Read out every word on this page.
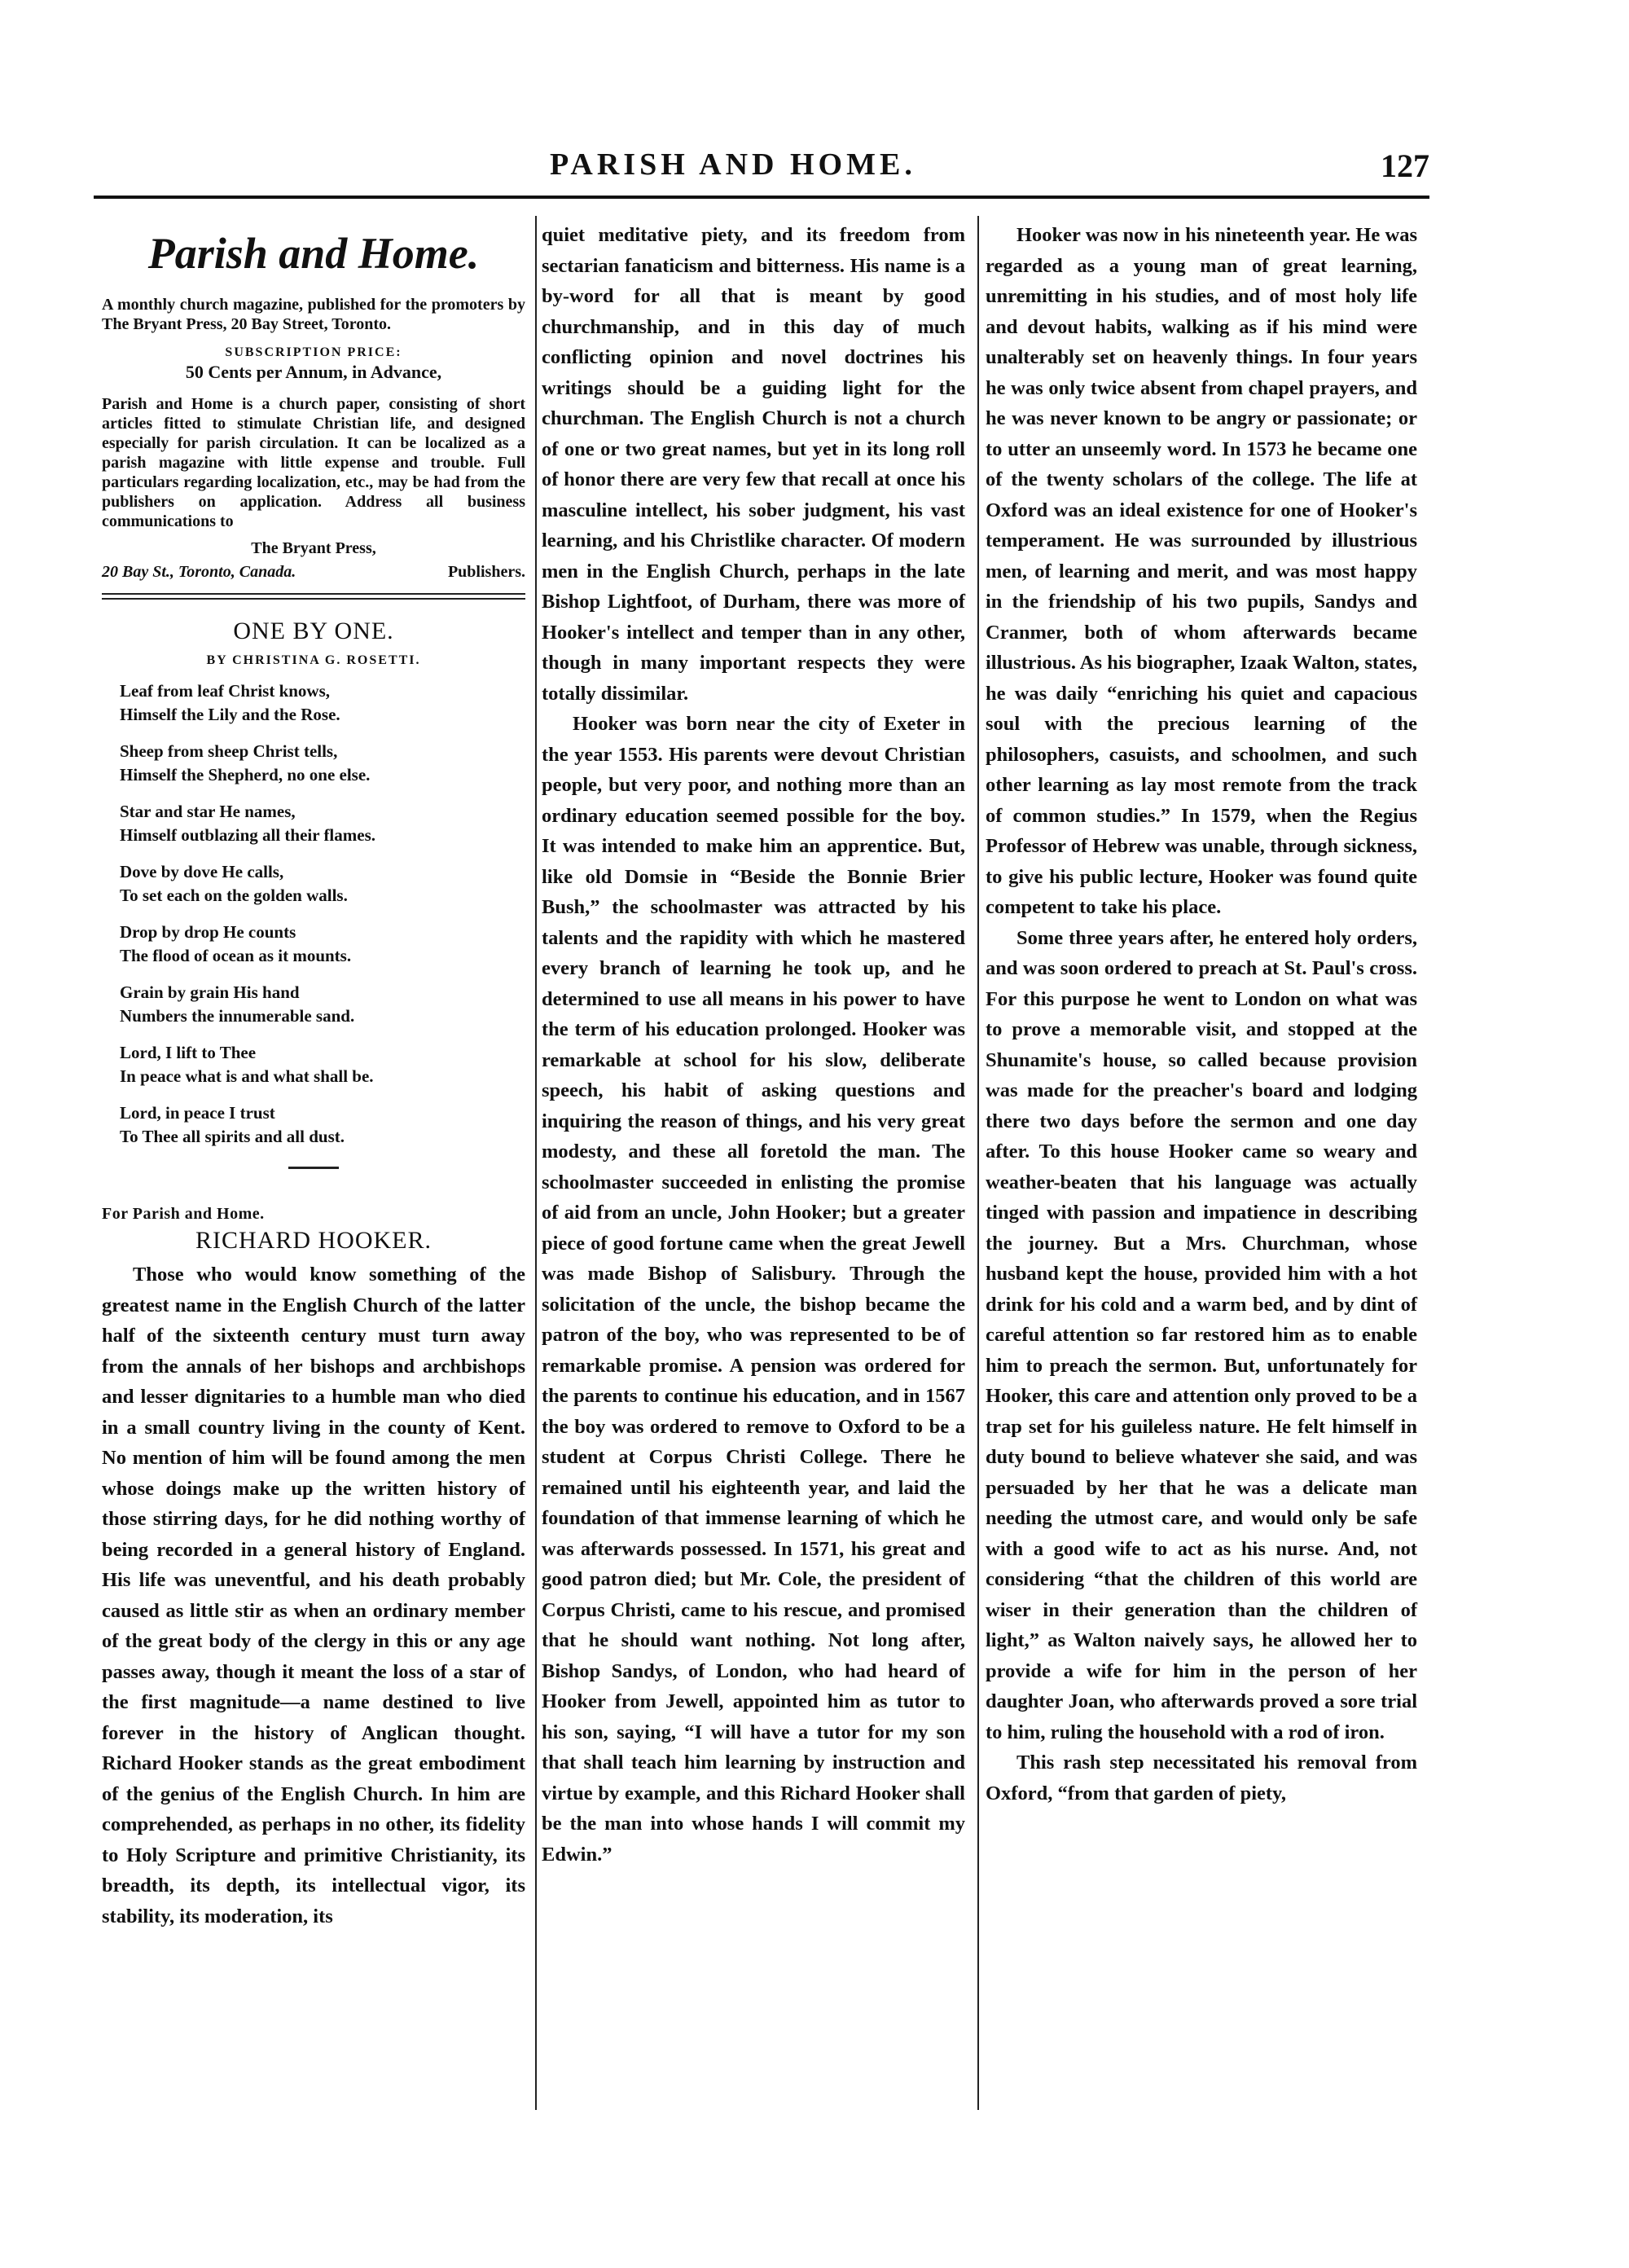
PARISH AND HOME.	127
Parish and Home.

A monthly church magazine, published for the promoters by The Bryant Press, 20 Bay Street, Toronto.

SUBSCRIPTION PRICE:
50 Cents per Annum, in Advance,

Parish and Home is a church paper, consisting of short articles fitted to stimulate Christian life, and designed especially for parish circulation. It can be localized as a parish magazine with little expense and trouble. Full particulars regarding localization, etc., may be had from the publishers on application. Address all business communications to

The Bryant Press,
20 Bay St., Toronto, Canada.	Publishers.
ONE BY ONE.
BY CHRISTINA G. ROSETTI.
Leaf from leaf Christ knows,
Himself the Lily and the Rose.
Sheep from sheep Christ tells,
Himself the Shepherd, no one else.
Star and star He names,
Himself outblazing all their flames.
Dove by dove He calls,
To set each on the golden walls.
Drop by drop He counts
The flood of ocean as it mounts.
Grain by grain His hand
Numbers the innumerable sand.
Lord, I lift to Thee
In peace what is and what shall be.
Lord, in peace I trust
To Thee all spirits and all dust.
For Parish and Home.
RICHARD HOOKER.

Those who would know something of the greatest name in the English Church of the latter half of the sixteenth century must turn away from the annals of her bishops and archbishops and lesser dignitaries to a humble man who died in a small country living in the county of Kent. No mention of him will be found among the men whose doings make up the written history of those stirring days, for he did nothing worthy of being recorded in a general history of England. His life was uneventful, and his death probably caused as little stir as when an ordinary member of the great body of the clergy in this or any age passes away, though it meant the loss of a star of the first magnitude—a name destined to live forever in the history of Anglican thought. Richard Hooker stands as the great embodiment of the genius of the English Church. In him are comprehended, as perhaps in no other, its fidelity to Holy Scripture and primitive Christianity, its breadth, its depth, its intellectual vigor, its stability, its moderation, its

quiet meditative piety, and its freedom from sectarian fanaticism and bitterness. His name is a by-word for all that is meant by good churchmanship, and in this day of much conflicting opinion and novel doctrines his writings should be a guiding light for the churchman. The English Church is not a church of one or two great names, but yet in its long roll of honor there are very few that recall at once his masculine intellect, his sober judgment, his vast learning, and his Christlike character. Of modern men in the English Church, perhaps in the late Bishop Lightfoot, of Durham, there was more of Hooker's intellect and temper than in any other, though in many important respects they were totally dissimilar.

Hooker was born near the city of Exeter in the year 1553. His parents were devout Christian people, but very poor, and nothing more than an ordinary education seemed possible for the boy. It was intended to make him an apprentice. But, like old Domsie in “Beside the Bonnie Brier Bush,” the schoolmaster was attracted by his talents and the rapidity with which he mastered every branch of learning he took up, and he determined to use all means in his power to have the term of his education prolonged. Hooker was remarkable at school for his slow, deliberate speech, his habit of asking questions and inquiring the reason of things, and his very great modesty, and these all foretold the man. The schoolmaster succeeded in enlisting the promise of aid from an uncle, John Hooker; but a greater piece of good fortune came when the great Jewell was made Bishop of Salisbury. Through the solicitation of the uncle, the bishop became the patron of the boy, who was represented to be of remarkable promise. A pension was ordered for the parents to continue his education, and in 1567 the boy was ordered to remove to Oxford to be a student at Corpus Christi College. There he remained until his eighteenth year, and laid the foundation of that immense learning of which he was afterwards possessed. In 1571, his great and good patron died; but Mr. Cole, the president of Corpus Christi, came to his rescue, and promised that he should want nothing. Not long after, Bishop Sandys, of London, who had heard of Hooker from Jewell, appointed him as tutor to his son, saying, “I will have a tutor for my son that shall teach him learning by instruction and virtue by example, and this Richard Hooker shall be the man into whose hands I will commit my Edwin.”

Hooker was now in his nineteenth year. He was regarded as a young man of great learning, unremitting in his studies, and of most holy life and devout habits, walking as if his mind were unalterably set on heavenly things. In four years he was only twice absent from chapel prayers, and he was never known to be angry or passionate; or to utter an unseemly word. In 1573 he became one of the twenty scholars of the college. The life at Oxford was an ideal existence for one of Hooker's temperament. He was surrounded by illustrious men, of learning and merit, and was most happy in the friendship of his two pupils, Sandys and Cranmer, both of whom afterwards became illustrious. As his biographer, Izaak Walton, states, he was daily “enriching his quiet and capacious soul with the precious learning of the philosophers, casuists, and schoolmen, and such other learning as lay most remote from the track of common studies.” In 1579, when the Regius Professor of Hebrew was unable, through sickness, to give his public lecture, Hooker was found quite competent to take his place.

Some three years after, he entered holy orders, and was soon ordered to preach at St. Paul's cross. For this purpose he went to London on what was to prove a memorable visit, and stopped at the Shunamite's house, so called because provision was made for the preacher's board and lodging there two days before the sermon and one day after. To this house Hooker came so weary and weather-beaten that his language was actually tinged with passion and impatience in describing the journey. But a Mrs. Churchman, whose husband kept the house, provided him with a hot drink for his cold and a warm bed, and by dint of careful attention so far restored him as to enable him to preach the sermon. But, unfortunately for Hooker, this care and attention only proved to be a trap set for his guileless nature. He felt himself in duty bound to believe whatever she said, and was persuaded by her that he was a delicate man needing the utmost care, and would only be safe with a good wife to act as his nurse. And, not considering “that the children of this world are wiser in their generation than the children of light,” as Walton naively says, he allowed her to provide a wife for him in the person of her daughter Joan, who afterwards proved a sore trial to him, ruling the household with a rod of iron.

This rash step necessitated his removal from Oxford, “from that garden of piety,
